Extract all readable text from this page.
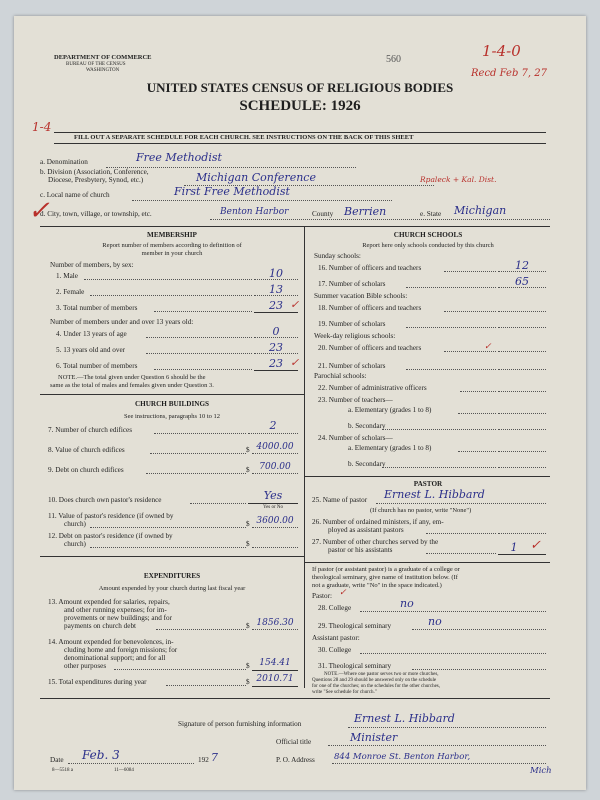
DEPARTMENT OF COMMERCE
BUREAU OF THE CENSUS
WASHINGTON
560	1-4-0
Recd Feb 7, 27
UNITED STATES CENSUS OF RELIGIOUS BODIES
SCHEDULE: 1926
1-4
FILL OUT A SEPARATE SCHEDULE FOR EACH CHURCH. SEE INSTRUCTIONS ON THE BACK OF THIS SHEET
✓
a. Denomination	Free Methodist
b. Division (Association, Conference,
Diocese, Presbytery, Synod, etc.)	Michigan Conference	Rpaleck + Kal. Dist.
c. Local name of church	First Free Methodist
d. City, town, village, or township, etc.	Benton Harbor	County Berrien	e. State Michigan
MEMBERSHIP
Report number of members according to definition of
member in your church
Number of members, by sex:
1. Male	10
2. Female	13
3. Total number of members	23 ✓
Number of members under and over 13 years old:
4. Under 13 years of age	0
5. 13 years old and over	23
6. Total number of members	23 ✓
NOTE.—The total given under Question 6 should be the
same as the total of males and females given under Question 3.
CHURCH BUILDINGS
See instructions, paragraphs 10 to 12
7. Number of church edifices	2
8. Value of church edifices	$ 4000.00
9. Debt on church edifices	$	700.00
10. Does church own pastor's residence	Yes
Yes or No
11. Value of pastor's residence (if owned by
church)	$ 3600.00
12. Debt on pastor's residence (if owned by
church)	$
EXPENDITURES
Amount expended by your church during last fiscal year
13. Amount expended for salaries, repairs,
and other running expenses; for im-
provements or new buildings; and for
payments on church debt	$ 1856.30
14. Amount expended for benevolences, in-
cluding home and foreign missions; for
denominational support; and for all
other purposes	$	154.41
15. Total expenditures during year	$ 2010.71
CHURCH SCHOOLS
Report here only schools conducted by this church
Sunday schools:
16. Number of officers and teachers	12
17. Number of scholars	65
Summer vacation Bible schools:
18. Number of officers and teachers
19. Number of scholars
Week-day religious schools:
20. Number of officers and teachers	✓
21. Number of scholars
Parochial schools:
22. Number of administrative officers
23. Number of teachers—
a. Elementary (grades 1 to 8)
b. Secondary
24. Number of scholars—
a. Elementary (grades 1 to 8)
b. Secondary
PASTOR
25. Name of pastor Ernest L. Hibbard
(If church has no pastor, write "None")
26. Number of ordained ministers, if any, em-
ployed as assistant pastors
27. Number of other churches served by the
pastor or his assistants	1 ✓
If pastor (or assistant pastor) is a graduate of a college or
theological seminary, give name of institution below. (If
not a graduate, write "No" in the space indicated.)
Pastor: ✓
28. College	no
29. Theological seminary	no
Assistant pastor:
30. College
31. Theological seminary
NOTE.—Where one pastor serves two or more churches,
Questions 28 and 29 should be answered only on the schedule
for one of the churches; on the schedules for the other churches,
write "See schedule for church."
Signature of person furnishing information	Ernest L. Hibbard
Official title	Minister
Date Feb. 3	192 7	P. O. Address 844 Monroe St. Benton Harbor,
Mich
8—5518 a	11—6084
